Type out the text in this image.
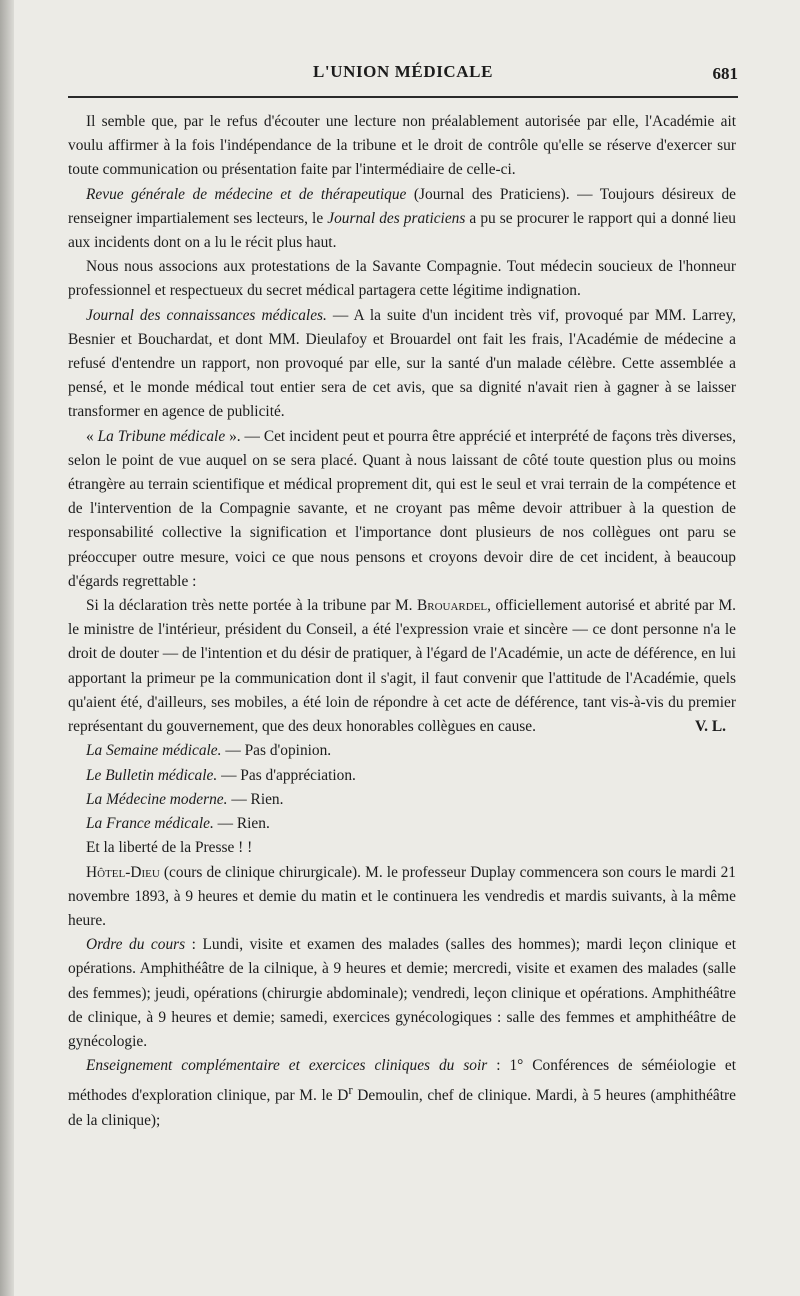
L'UNION MÉDICALE	681

Il semble que, par le refus d'écouter une lecture non préalablement autorisée par elle, l'Académie ait voulu affirmer à la fois l'indépendance de la tribune et le droit de contrôle qu'elle se réserve d'exercer sur toute communication ou présentation faite par l'intermédiaire de celle-ci.

Revue générale de médecine et de thérapeutique (Journal des Praticiens). — Toujours désireux de renseigner impartialement ses lecteurs, le Journal des praticiens a pu se procurer le rapport qui a donné lieu aux incidents dont on a lu le récit plus haut.

Nous nous associons aux protestations de la Savante Compagnie. Tout médecin soucieux de l'honneur professionnel et respectueux du secret médical partagera cette légitime indignation.

Journal des connaissances médicales. — A la suite d'un incident très vif, provoqué par MM. Larrey, Besnier et Bouchardat, et dont MM. Dieulafoy et Brouardel ont fait les frais, l'Académie de médecine a refusé d'entendre un rapport, non provoqué par elle, sur la santé d'un malade célèbre. Cette assemblée a pensé, et le monde médical tout entier sera de cet avis, que sa dignité n'avait rien à gagner à se laisser transformer en agence de publicité.

« La Tribune médicale ». — Cet incident peut et pourra être apprécié et interprété de façons très diverses, selon le point de vue auquel on se sera placé. Quant à nous laissant de côté toute question plus ou moins étrangère au terrain scientifique et médical proprement dit, qui est le seul et vrai terrain de la compétence et de l'intervention de la Compagnie savante, et ne croyant pas même devoir attribuer à la question de responsabilité collective la signification et l'importance dont plusieurs de nos collègues ont paru se préoccuper outre mesure, voici ce que nous pensons et croyons devoir dire de cet incident, à beaucoup d'égards regrettable :

Si la déclaration très nette portée à la tribune par M. Brouardel, officiellement autorisé et abrité par M. le ministre de l'intérieur, président du Conseil, a été l'expression vraie et sincère — ce dont personne n'a le droit de douter — de l'intention et du désir de pratiquer, à l'égard de l'Académie, un acte de déférence, en lui apportant la primeur pe la communication dont il s'agit, il faut convenir que l'attitude de l'Académie, quels qu'aient été, d'ailleurs, ses mobiles, a été loin de répondre à cet acte de déférence, tant vis-à-vis du premier représentant du gouvernement, que des deux honorables collègues en cause.	V. L.

La Semaine médicale. — Pas d'opinion.

Le Bulletin médicale. — Pas d'appréciation.

La Médecine moderne. — Rien.

La France médicale. — Rien.

Et la liberté de la Presse ! !

Hôtel-Dieu (cours de clinique chirurgicale). M. le professeur Duplay commencera son cours le mardi 21 novembre 1893, à 9 heures et demie du matin et le continuera les vendredis et mardis suivants, à la même heure.

Ordre du cours : Lundi, visite et examen des malades (salles des hommes); mardi leçon clinique et opérations. Amphithéâtre de la cilnique, à 9 heures et demie; mercredi, visite et examen des malades (salle des femmes); jeudi, opérations (chirurgie abdominale); vendredi, leçon clinique et opérations. Amphithéâtre de clinique, à 9 heures et demie; samedi, exercices gynécologiques : salle des femmes et amphithéâtre de gynécologie.

Enseignement complémentaire et exercices cliniques du soir : 1° Conférences de séméiologie et méthodes d'exploration clinique, par M. le $D^r$ Demoulin, chef de clinique. Mardi, à 5 heures (amphithéâtre de la clinique);
